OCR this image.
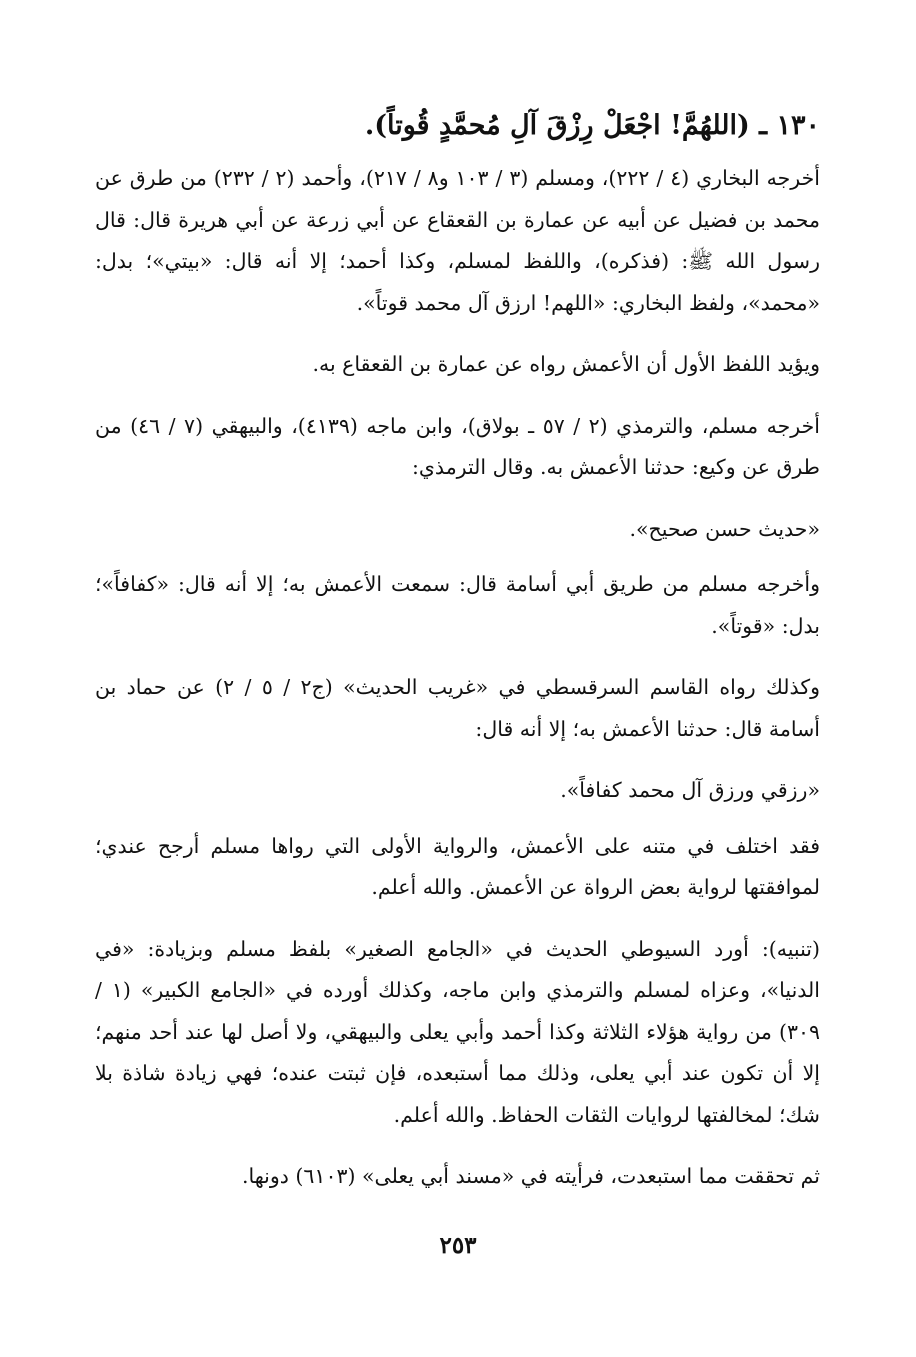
١٣٠ ـ (اللهُمَّ! اجْعَلْ رِزْقَ آلِ مُحمَّدٍ قُوتاً).

أخرجه البخاري (٤ / ٢٢٢)، ومسلم (٣ / ١٠٣ و٨ / ٢١٧)، وأحمد (٢ / ٢٣٢) من طرق عن محمد بن فضيل عن أبيه عن عمارة بن القعقاع عن أبي زرعة عن أبي هريرة قال: قال رسول الله ﷺ: (فذكره)، واللفظ لمسلم، وكذا أحمد؛ إلا أنه قال: «بيتي»؛ بدل: «محمد»، ولفظ البخاري: «اللهم! ارزق آل محمد قوتاً».

ويؤيد اللفظ الأول أن الأعمش رواه عن عمارة بن القعقاع به.

أخرجه مسلم، والترمذي (٢ / ٥٧ ـ بولاق)، وابن ماجه (٤١٣٩)، والبيهقي (٧ / ٤٦) من طرق عن وكيع: حدثنا الأعمش به. وقال الترمذي:

«حديث حسن صحيح».

وأخرجه مسلم من طريق أبي أسامة قال: سمعت الأعمش به؛ إلا أنه قال: «كفافاً»؛ بدل: «قوتاً».

وكذلك رواه القاسم السرقسطي في «غريب الحديث» (ج٢ / ٥ / ٢) عن حماد بن أسامة قال: حدثنا الأعمش به؛ إلا أنه قال:

«رزقي ورزق آل محمد كفافاً».

فقد اختلف في متنه على الأعمش، والرواية الأولى التي رواها مسلم أرجح عندي؛ لموافقتها لرواية بعض الرواة عن الأعمش. والله أعلم.

(تنبيه): أورد السيوطي الحديث في «الجامع الصغير» بلفظ مسلم وبزيادة: «في الدنيا»، وعزاه لمسلم والترمذي وابن ماجه، وكذلك أورده في «الجامع الكبير» (١ / ٣٠٩) من رواية هؤلاء الثلاثة وكذا أحمد وأبي يعلى والبيهقي، ولا أصل لها عند أحد منهم؛ إلا أن تكون عند أبي يعلى، وذلك مما أستبعده، فإن ثبتت عنده؛ فهي زيادة شاذة بلا شك؛ لمخالفتها لروايات الثقات الحفاظ. والله أعلم.

ثم تحققت مما استبعدت، فرأيته في «مسند أبي يعلى» (٦١٠٣) دونها.

٢٥٣
